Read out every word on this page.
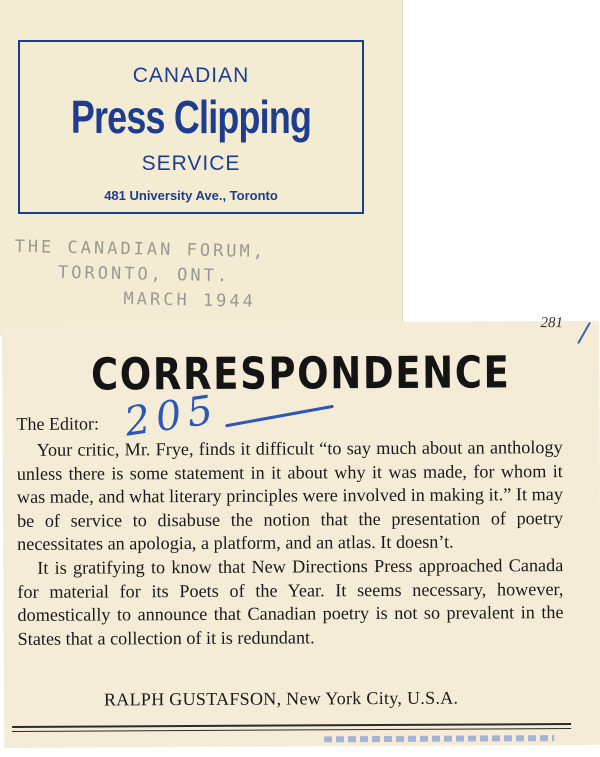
CANADIAN
Press Clipping
SERVICE
481 University Ave., Toronto
THE CANADIAN FORUM,
TORONTO, ONT.
MARCH 1944
281
CORRESPONDENCE
205
The Editor:

Your critic, Mr. Frye, finds it difficult “to say much about an anthology unless there is some statement in it about why it was made, for whom it was made, and what literary principles were involved in making it.” It may be of service to disabuse the notion that the presentation of poetry necessitates an apologia, a platform, and an atlas. It doesn’t.

It is gratifying to know that New Directions Press approached Canada for material for its Poets of the Year. It seems necessary, however, domestically to announce that Canadian poetry is not so prevalent in the States that a collection of it is redundant.

RALPH GUSTAFSON, New York City, U.S.A.
